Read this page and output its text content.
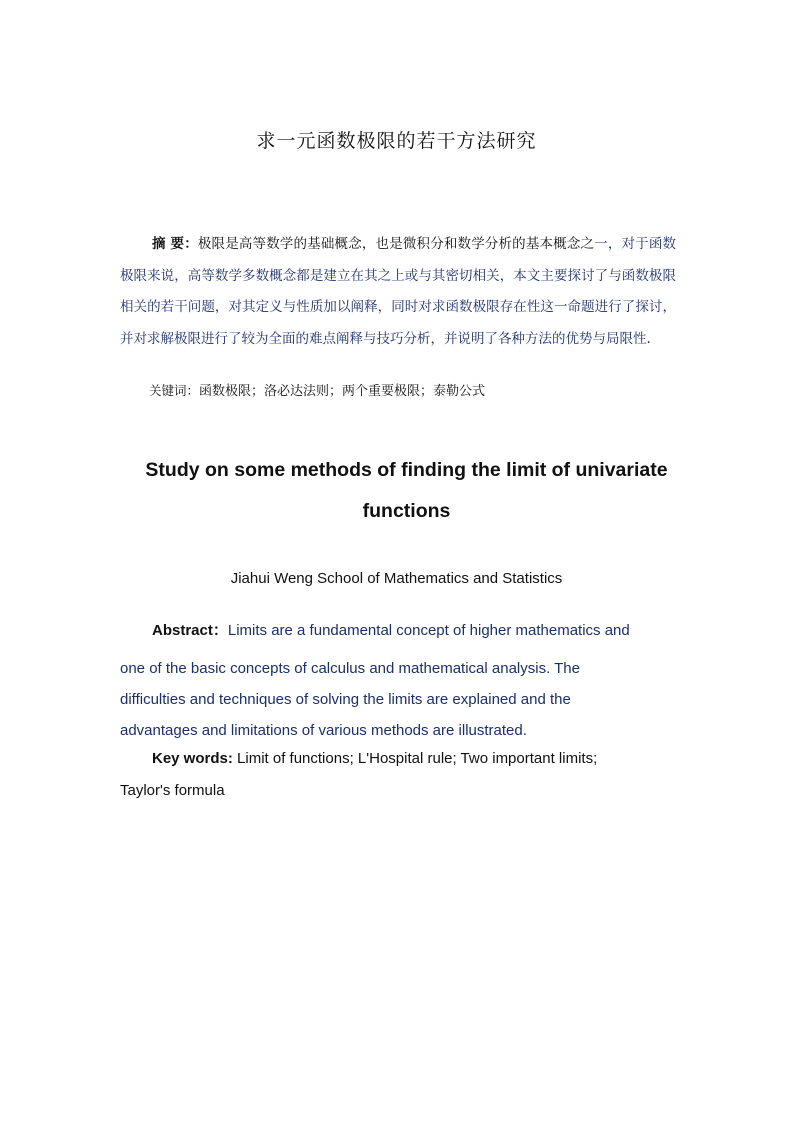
求一元函数极限的若干方法研究
摘 要：极限是高等数学的基础概念，也是微积分和数学分析的基本概念之一，对于函数极限来说，高等数学多数概念都是建立在其之上或与其密切相关，本文主要探讨了与函数极限相关的若干问题，对其定义与性质加以阐释，同时对求函数极限存在性这一命题进行了探讨，并对求解极限进行了较为全面的难点阐释与技巧分析，并说明了各种方法的优势与局限性.
关键词：函数极限；洛必达法则；两个重要极限；泰勒公式
Study on some methods of finding the limit of univariate functions
Jiahui Weng School of Mathematics and Statistics
Abstract：Limits are a fundamental concept of higher mathematics and
one of the basic concepts of calculus and mathematical analysis. The
difficulties and techniques of solving the limits are explained and the
advantages and limitations of various methods are illustrated.
Key words: Limit of functions; L'Hospital rule; Two important limits;
Taylor's formula
